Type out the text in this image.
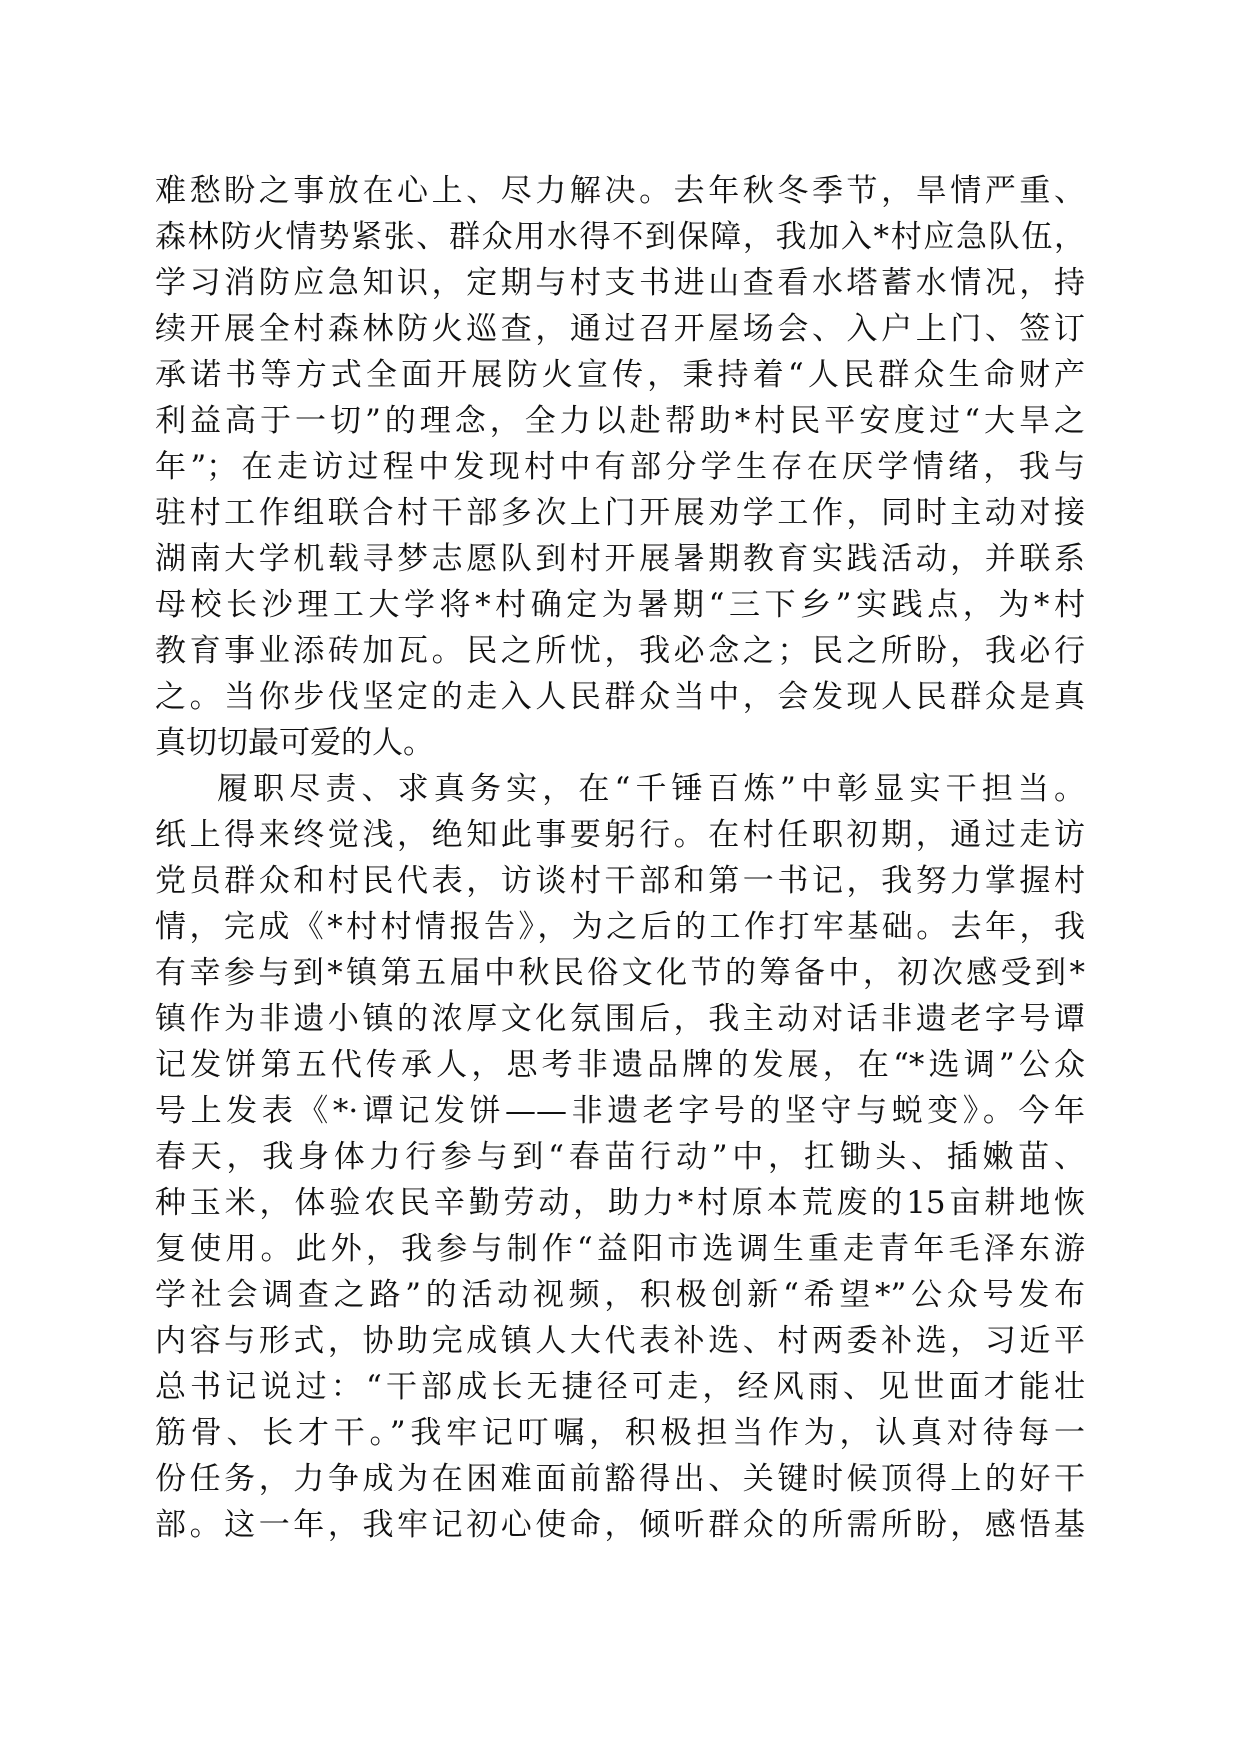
难愁盼之事放在心上、尽力解决。去年秋冬季节，旱情严重、
森林防火情势紧张、群众用水得不到保障，我加入*村应急队伍，
学习消防应急知识，定期与村支书进山查看水塔蓄水情况，持
续开展全村森林防火巡查，通过召开屋场会、入户上门、签订
承诺书等方式全面开展防火宣传，秉持着“人民群众生命财产
利益高于一切”的理念，全力以赴帮助*村民平安度过“大旱之
年”；在走访过程中发现村中有部分学生存在厌学情绪，我与
驻村工作组联合村干部多次上门开展劝学工作，同时主动对接
湖南大学机载寻梦志愿队到村开展暑期教育实践活动，并联系
母校长沙理工大学将*村确定为暑期“三下乡”实践点，为*村
教育事业添砖加瓦。民之所忧，我必念之；民之所盼，我必行
之。当你步伐坚定的走入人民群众当中，会发现人民群众是真
真切切最可爱的人。
履职尽责、求真务实，在“千锤百炼”中彰显实干担当。
纸上得来终觉浅，绝知此事要躬行。在村任职初期，通过走访
党员群众和村民代表，访谈村干部和第一书记，我努力掌握村
情，完成《*村村情报告》，为之后的工作打牢基础。去年，我
有幸参与到*镇第五届中秋民俗文化节的筹备中，初次感受到*
镇作为非遗小镇的浓厚文化氛围后，我主动对话非遗老字号谭
记发饼第五代传承人，思考非遗品牌的发展，在“*选调”公众
号上发表《*·谭记发饼——非遗老字号的坚守与蜕变》。今年
春天，我身体力行参与到“春苗行动”中，扛锄头、插嫩苗、
种玉米，体验农民辛勤劳动，助力*村原本荒废的15亩耕地恢
复使用。此外，我参与制作“益阳市选调生重走青年毛泽东游
学社会调查之路”的活动视频，积极创新“希望*”公众号发布
内容与形式，协助完成镇人大代表补选、村两委补选，习近平
总书记说过：“干部成长无捷径可走，经风雨、见世面才能壮
筋骨、长才干。”我牢记叮嘱，积极担当作为，认真对待每一
份任务，力争成为在困难面前豁得出、关键时候顶得上的好干
部。这一年，我牢记初心使命，倾听群众的所需所盼，感悟基
